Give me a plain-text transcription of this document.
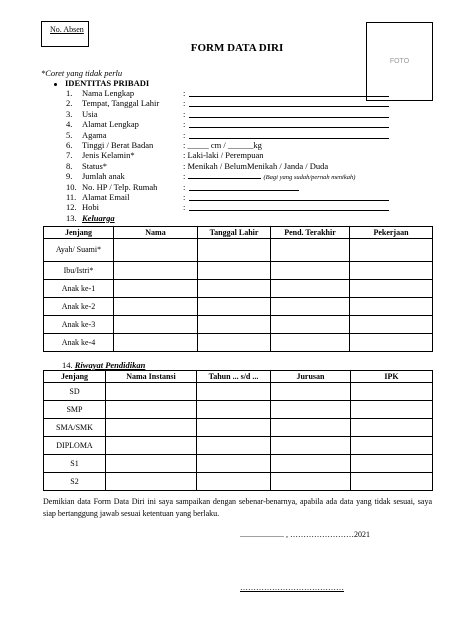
No. Absen
FORM DATA DIRI
FOTO
*Coret yang tidak perlu
IDENTITAS PRIBADI
1.	Nama Lengkap	:
2.	Tempat, Tanggal Lahir	:
3.	Usia	:
4.	Alamat Lengkap	:
5.	Agama	:
6.	Tinggi / Berat Badan	: _____ cm / ______kg
7.	Jenis Kelamin*	: Laki-laki / Perempuan
8.	Status*	: Menikah / BelumMenikah / Janda / Duda
9.	Jumlah anak	:	(Bagi yang sudah/pernah menikah)
10. No. HP / Telp. Rumah	:
11. Alamat Email	:
12. Hobi	:
13. Keluarga
Jenjang	Nama	Tanggal Lahir	Pend. Terakhir	Pekerjaan
Ayah/ Suami*				
Ibu/Istri*				
Anak ke-1				
Anak ke-2				
Anak ke-3				
Anak ke-4				
14. Riwayat Pendidikan
Jenjang	Nama Instansi	Tahun ... s/d ...	Jurusan	IPK
SD				
SMP				
SMA/SMK				
DIPLOMA				
S1				
S2				
Demikian data Form Data Diri ini saya sampaikan dengan sebenar-benarnya, apabila ada data yang tidak sesuai, saya siap bertanggung jawab sesuai ketentuan yang berlaku.
...................... , ……………………2021
…………………………………
